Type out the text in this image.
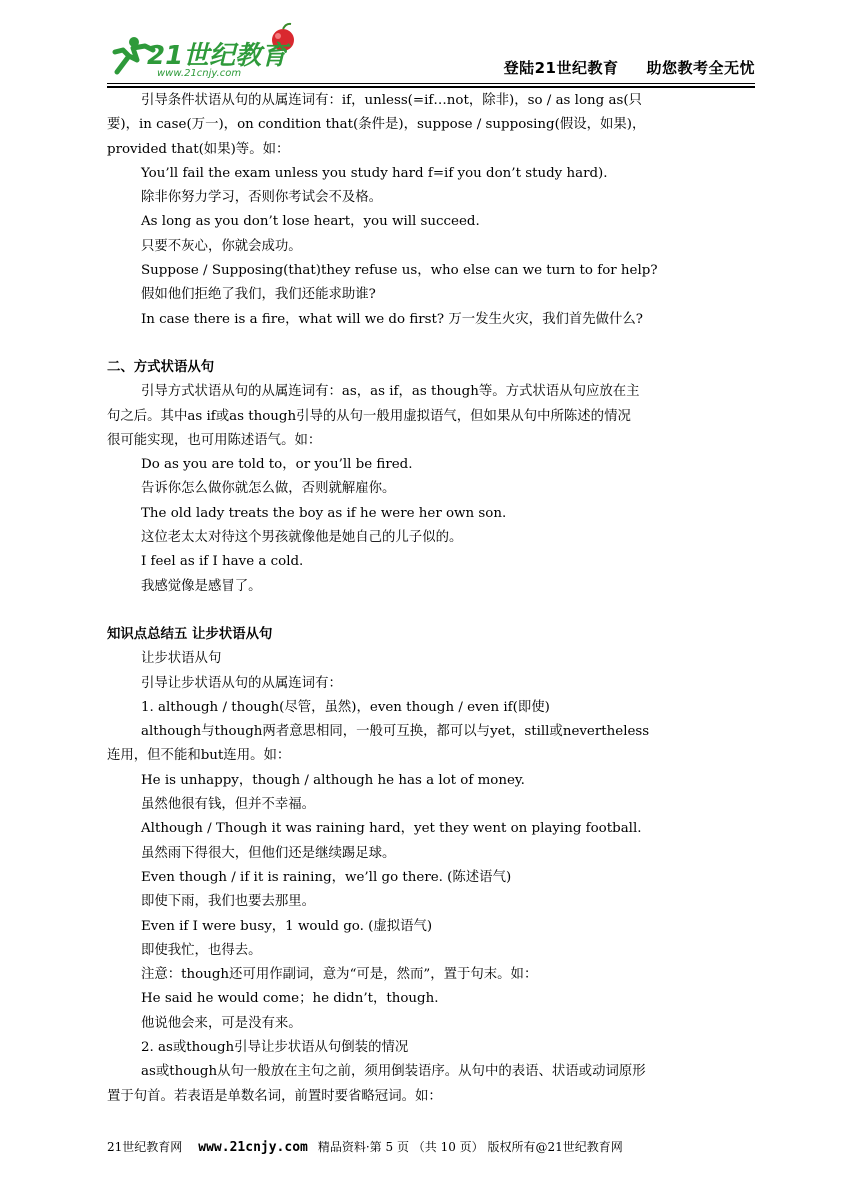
21世纪教育
www.21cnjy.com	登陆21世纪教育 助您教考全无忧

引导条件状语从句的从属连词有：if，unless(=if…not，除非)，so / as long as(只

要)，in case(万一)，on condition that(条件是)，suppose / supposing(假设，如果)，

provided that(如果)等。如：

You’ll fail the exam unless you study hard f=if you don’t study hard).

除非你努力学习，否则你考试会不及格。

As long as you don’t lose heart，you will succeed.

只要不灰心，你就会成功。

Suppose / Supposing(that)they refuse us，who else can we turn to for help?

假如他们拒绝了我们，我们还能求助谁?

In case there is a fire，what will we do first? 万一发生火灾，我们首先做什么?

二、方式状语从句

引导方式状语从句的从属连词有：as，as if，as though等。方式状语从句应放在主

句之后。其中as if或as though引导的从句一般用虚拟语气，但如果从句中所陈述的情况

很可能实现，也可用陈述语气。如：

Do as you are told to，or you’ll be fired.

告诉你怎么做你就怎么做，否则就解雇你。

The old lady treats the boy as if he were her own son.

这位老太太对待这个男孩就像他是她自己的儿子似的。

I feel as if I have a cold.

我感觉像是感冒了。

知识点总结五 让步状语从句

让步状语从句

引导让步状语从句的从属连词有：

1. although / though(尽管，虽然)，even though / even if(即使)

although与though两者意思相同，一般可互换，都可以与yet，still或nevertheless

连用，但不能和but连用。如：

He is unhappy，though / although he has a lot of money.

虽然他很有钱，但并不幸福。

Although / Though it was raining hard，yet they went on playing football.

虽然雨下得很大，但他们还是继续踢足球。

Even though / if it is raining，we’ll go there. (陈述语气)

即使下雨，我们也要去那里。

Even if I were busy，1 would go. (虚拟语气)

即使我忙，也得去。

注意：though还可用作副词，意为“可是，然而”，置于句末。如：

He said he would come；he didn’t，though.

他说他会来，可是没有来。

2. as或though引导让步状语从句倒装的情况

as或though从句一般放在主句之前，须用倒装语序。从句中的表语、状语或动词原形

置于句首。若表语是单数名词，前置时要省略冠词。如：

21世纪教育网 www.21cnjy.com 精品资料·第 5 页 （共 10 页） 版权所有@21世纪教育网
